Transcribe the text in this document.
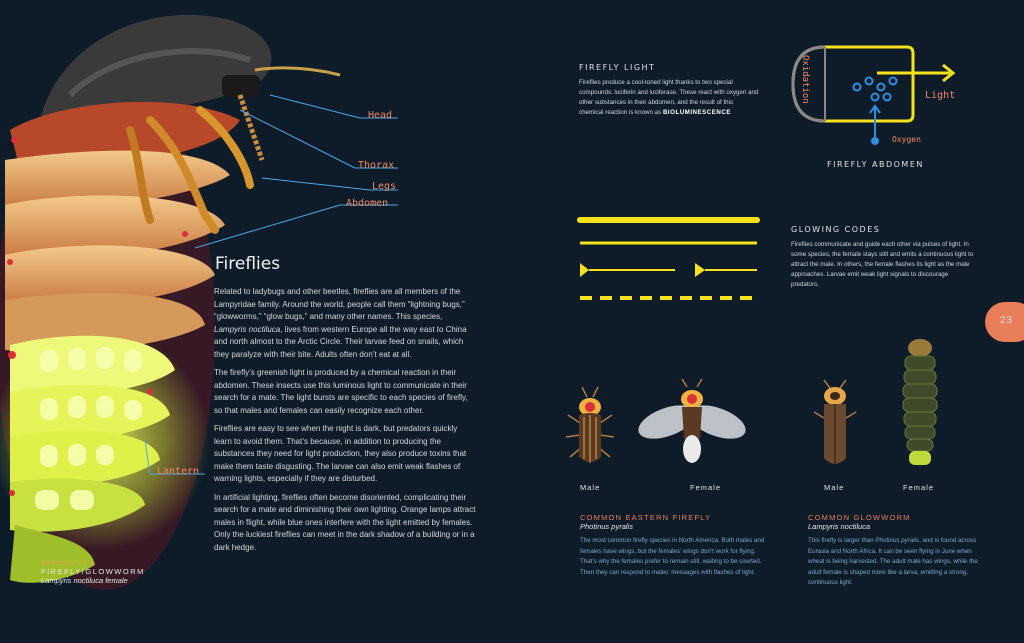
Head
Thorax
Legs
Abdomen
Lantern
Anatomy of a
FIREFLY/GLOWWORM
Lampyris noctiluca female
Fireflies

Related to ladybugs and other beetles, fireflies are all members of the Lampyridae family. Around the world, people call them “lightning bugs,” “glowworms,” “glow bugs,” and many other names. This species, Lampyris noctiluca, lives from western Europe all the way east to China and north almost to the Arctic Circle. Their larvae feed on snails, which they paralyze with their bite. Adults often don’t eat at all.

The firefly’s greenish light is produced by a chemical reaction in their abdomen. These insects use this luminous light to communicate in their search for a mate. The light bursts are specific to each species of firefly, so that males and females can easily recognize each other.

Fireflies are easy to see when the night is dark, but predators quickly learn to avoid them. That’s because, in addition to producing the substances they need for light production, they also produce toxins that make them taste disgusting. The larvae can also emit weak flashes of warning lights, especially if they are disturbed.

In artificial lighting, fireflies often become disoriented, complicating their search for a mate and diminishing their own lighting. Orange lamps attract males in flight, while blue ones interfere with the light emitted by females. Only the luckiest fireflies can meet in the dark shadow of a building or in a dark hedge.

FIREFLY LIGHT
Fireflies produce a cool-toned light thanks to two special compounds: luciferin and luciferase. These react with oxygen and other substances in their abdomen, and the result of this chemical reaction is known as BIOLUMINESCENCE
Oxidation	Light
Oxygen
FIREFLY ABDOMEN
GLOWING CODES
Fireflies communicate and guide each other via pulses of light. In some species, the female stays still and emits a continuous light to attract the male. In others, the female flashes its light as the male approaches. Larvae emit weak light signals to discourage predators.
23
Male	Female	Male	Female
COMMON EASTERN FIREFLY
Photinus pyralis
The most common firefly species in North America. Both males and females have wings, but the females’ wings don’t work for flying. That’s why the females prefer to remain still, waiting to be courted. Then they can respond to males’ messages with flashes of light.
COMMON GLOWWORM
Lampyris noctiluca
This firefly is larger than Photinus pyralis, and is found across Eurasia and North Africa. It can be seen flying in June when wheat is being harvested. The adult male has wings, while the adult female is shaped more like a larva, emitting a strong, continuous light.
